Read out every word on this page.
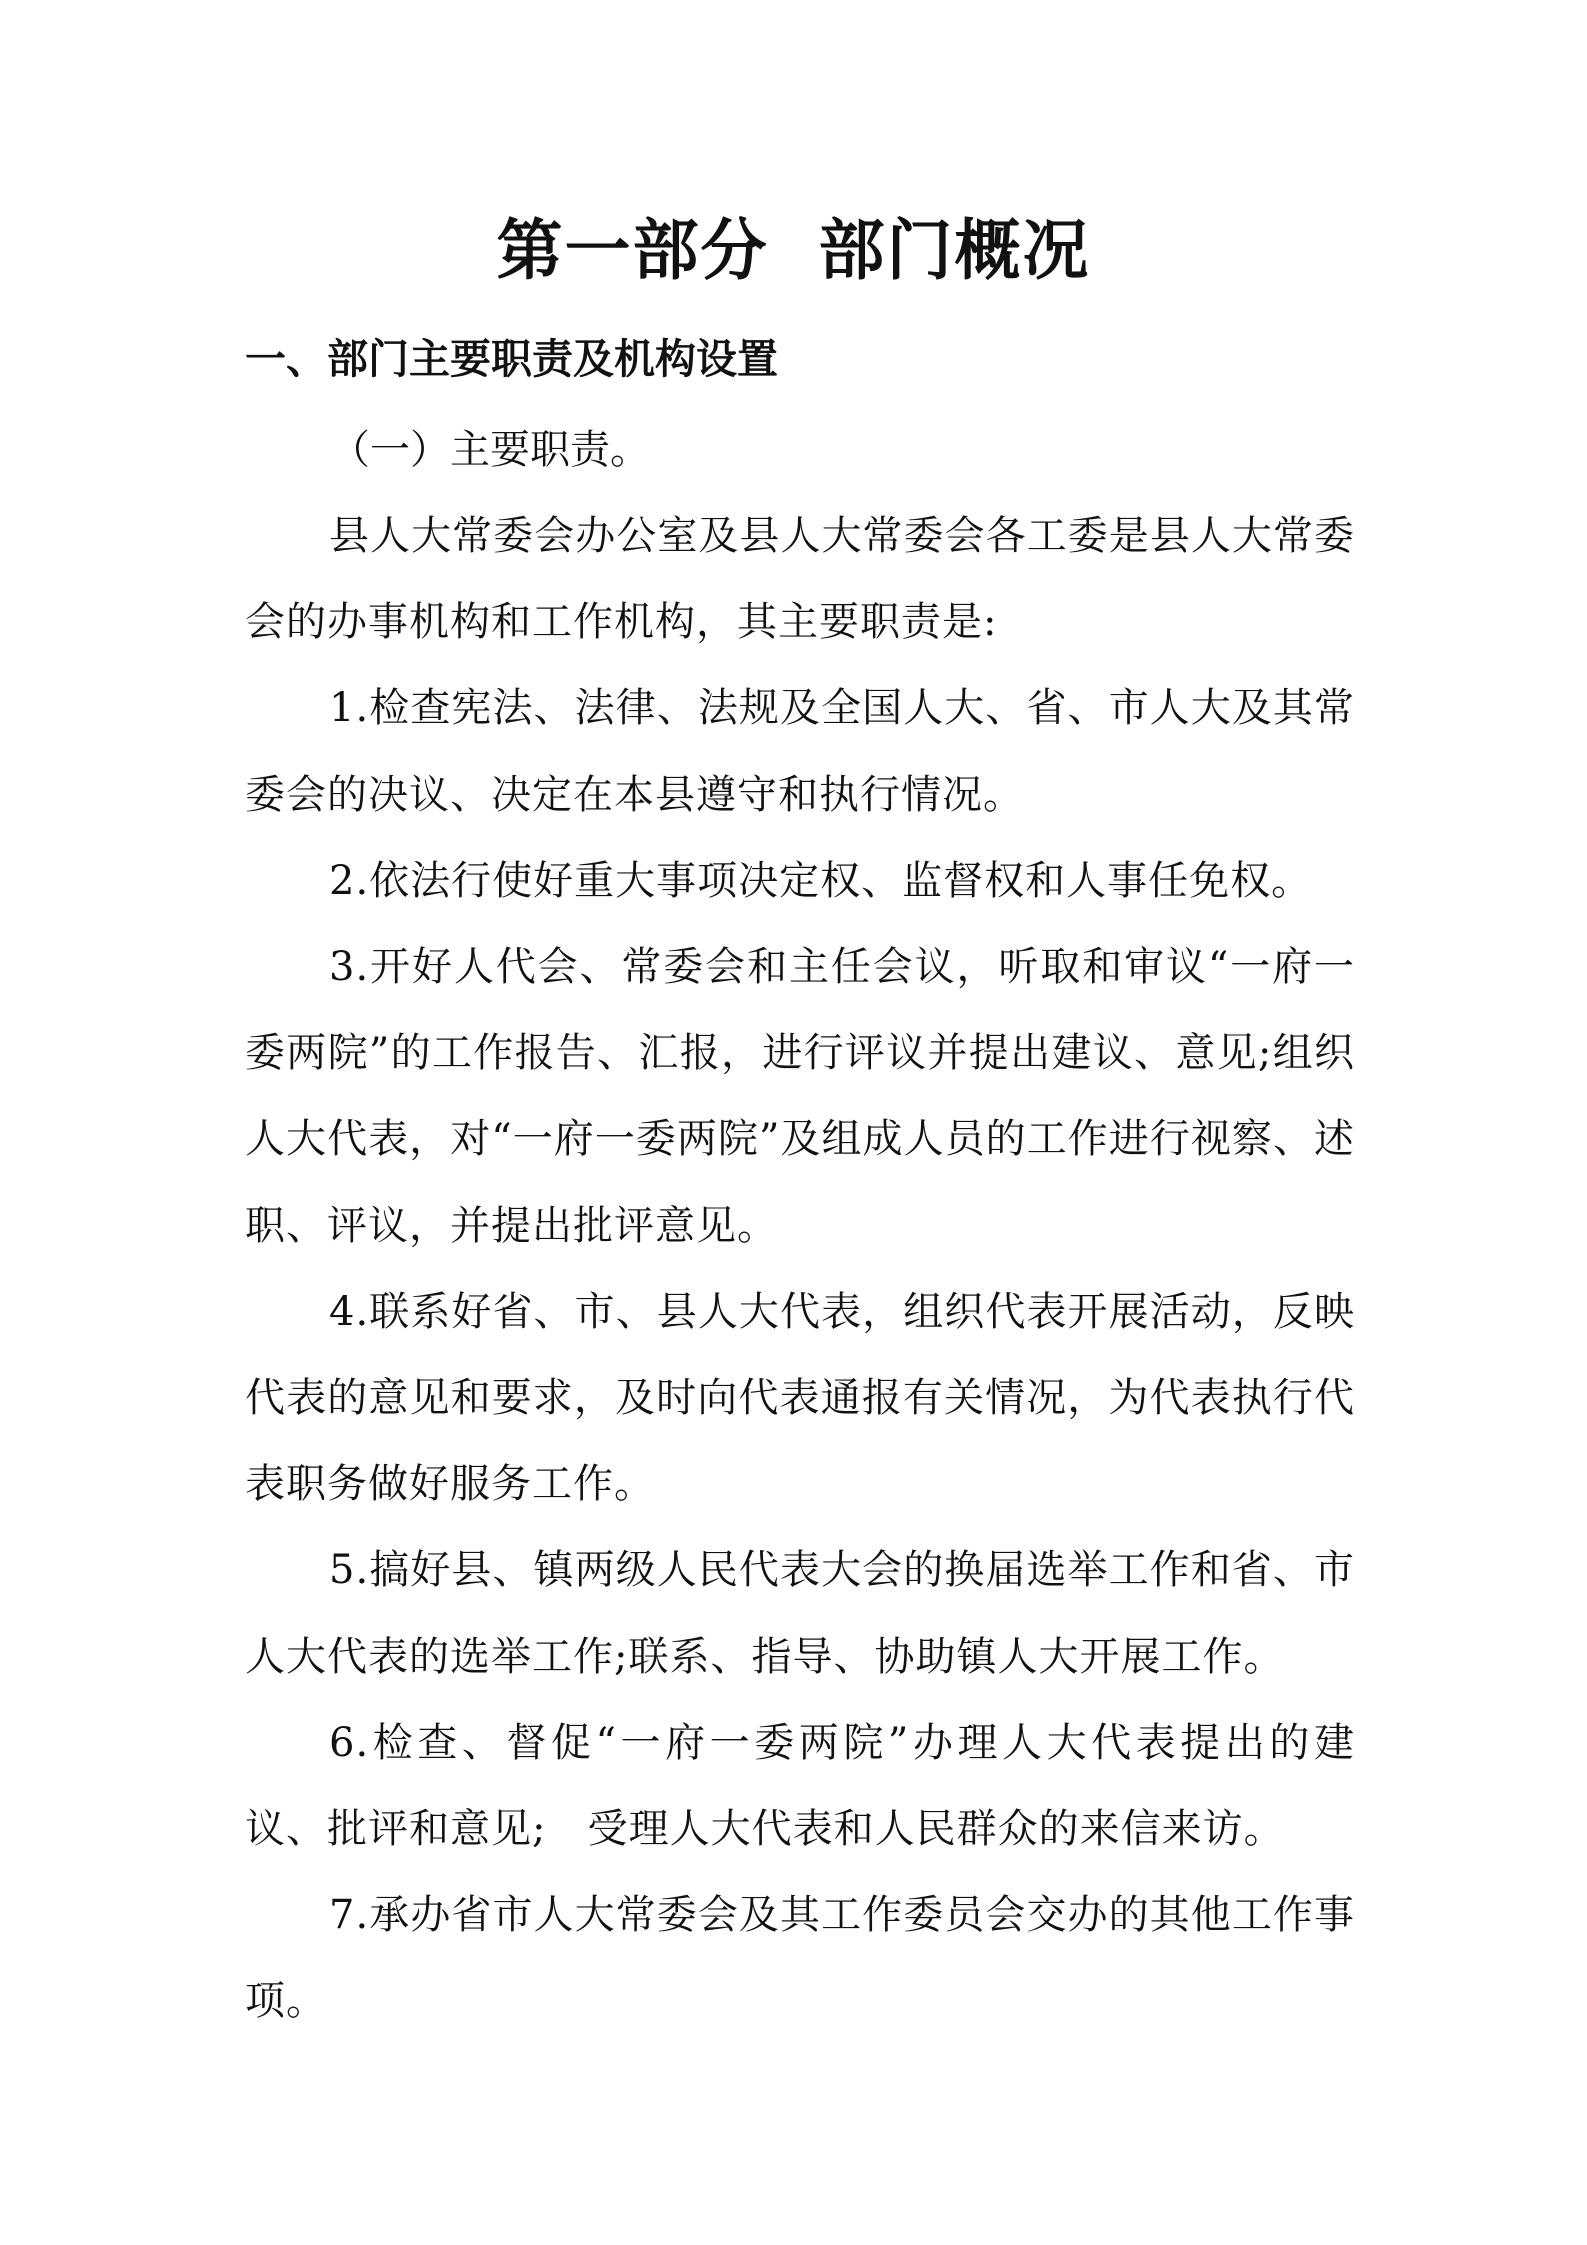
第一部分  部门概况
一、部门主要职责及机构设置
（一）主要职责。

县人大常委会办公室及县人大常委会各工委是县人大常委会的办事机构和工作机构，其主要职责是:

1.检查宪法、法律、法规及全国人大、省、市人大及其常委会的决议、决定在本县遵守和执行情况。

2.依法行使好重大事项决定权、监督权和人事任免权。

3.开好人代会、常委会和主任会议，听取和审议“一府一委两院”的工作报告、汇报，进行评议并提出建议、意见;组织人大代表，对“一府一委两院”及组成人员的工作进行视察、述职、评议，并提出批评意见。

4.联系好省、市、县人大代表，组织代表开展活动，反映代表的意见和要求，及时向代表通报有关情况，为代表执行代表职务做好服务工作。

5.搞好县、镇两级人民代表大会的换届选举工作和省、市人大代表的选举工作;联系、指导、协助镇人大开展工作。

6.检查、督促“一府一委两院”办理人大代表提出的建议、批评和意见;   受理人大代表和人民群众的来信来访。

7.承办省市人大常委会及其工作委员会交办的其他工作事项。
